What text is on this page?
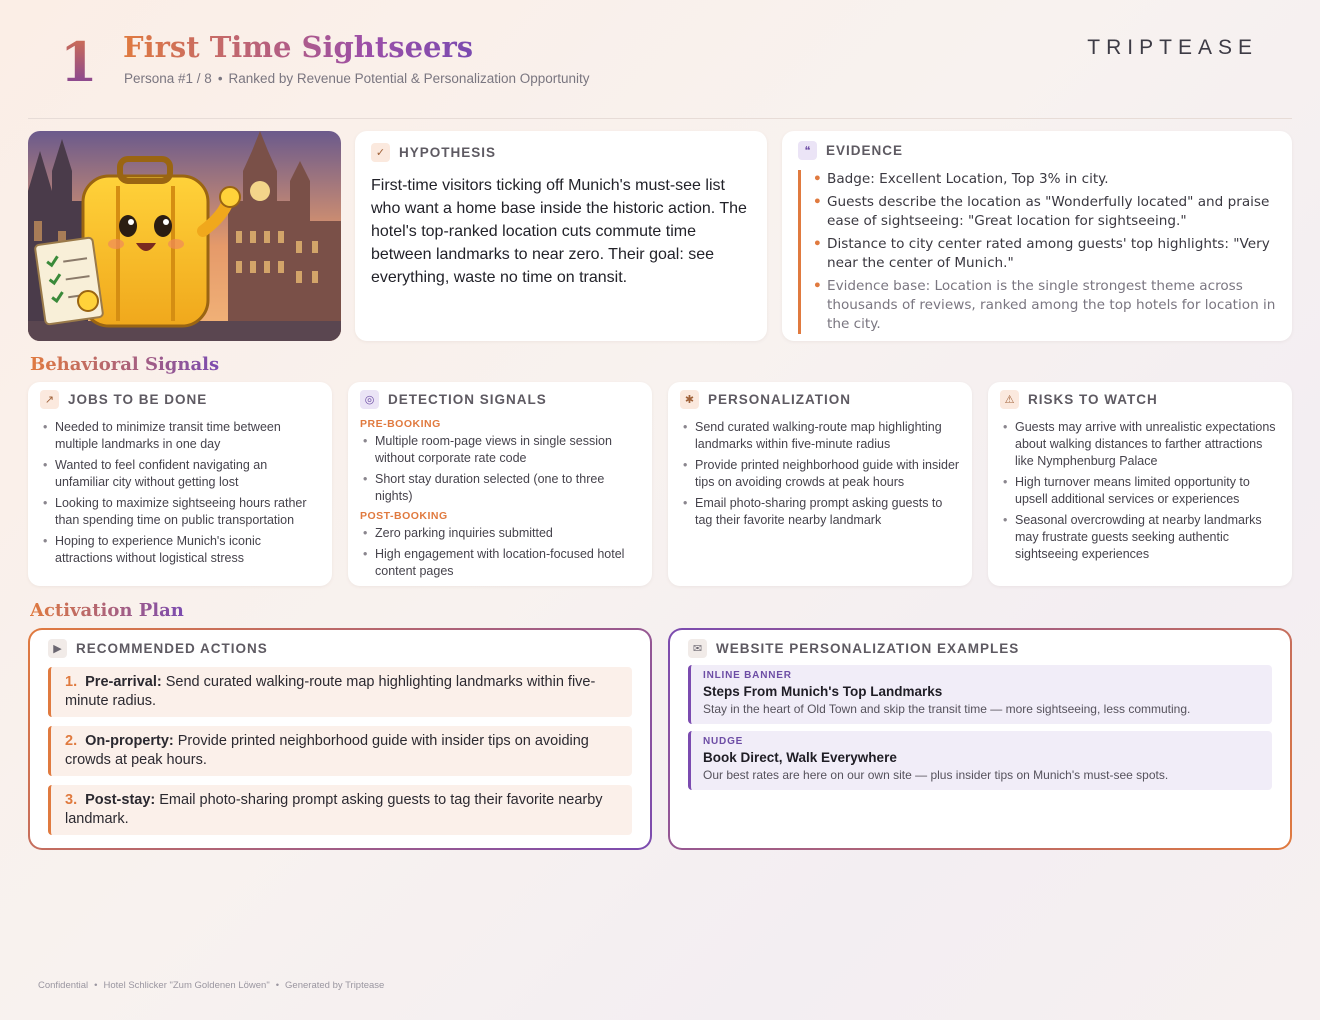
1 First Time Sightseers
Persona #1 / 8 • Ranked by Revenue Potential & Personalization Opportunity
TRIPTEASE
✓	HYPOTHESIS

First-time visitors ticking off Munich's must-see list who want a home base inside the historic action. The hotel's top-ranked location cuts commute time between landmarks to near zero. Their goal: see everything, waste no time on transit.

❝	EVIDENCE
• Badge: Excellent Location, Top 3% in city.
• Guests describe the location as "Wonderfully located" and praise ease of sightseeing: "Great location for sightseeing."
• Distance to city center rated among guests' top highlights: "Very near the center of Munich."
• Evidence base: Location is the single strongest theme across thousands of reviews, ranked among the top hotels for location in the city.
Behavioral Signals
↗	JOBS TO BE DONE
• Needed to minimize transit time between multiple landmarks in one day
• Wanted to feel confident navigating an unfamiliar city without getting lost
• Looking to maximize sightseeing hours rather than spending time on public transportation
• Hoping to experience Munich's iconic attractions without logistical stress
◎	DETECTION SIGNALS
PRE-BOOKING
• Multiple room-page views in single session without corporate rate code
• Short stay duration selected (one to three nights)
POST-BOOKING
• Zero parking inquiries submitted
• High engagement with location-focused hotel content pages
✱	PERSONALIZATION
• Send curated walking-route map highlighting landmarks within five-minute radius
• Provide printed neighborhood guide with insider tips on avoiding crowds at peak hours
• Email photo-sharing prompt asking guests to tag their favorite nearby landmark
⚠	RISKS TO WATCH
• Guests may arrive with unrealistic expectations about walking distances to farther attractions like Nymphenburg Palace
• High turnover means limited opportunity to upsell additional services or experiences
• Seasonal overcrowding at nearby landmarks may frustrate guests seeking authentic sightseeing experiences
Activation Plan
▶	RECOMMENDED ACTIONS
1. Pre-arrival: Send curated walking-route map highlighting landmarks within five-minute radius.
2. On-property: Provide printed neighborhood guide with insider tips on avoiding crowds at peak hours.
3. Post-stay: Email photo-sharing prompt asking guests to tag their favorite nearby landmark.
✉	WEBSITE PERSONALIZATION EXAMPLES
INLINE BANNER
Steps From Munich's Top Landmarks
Stay in the heart of Old Town and skip the transit time — more sightseeing, less commuting.
NUDGE
Book Direct, Walk Everywhere
Our best rates are here on our own site — plus insider tips on Munich's must-see spots.
Confidential • Hotel Schlicker "Zum Goldenen Löwen" • Generated by Triptease
